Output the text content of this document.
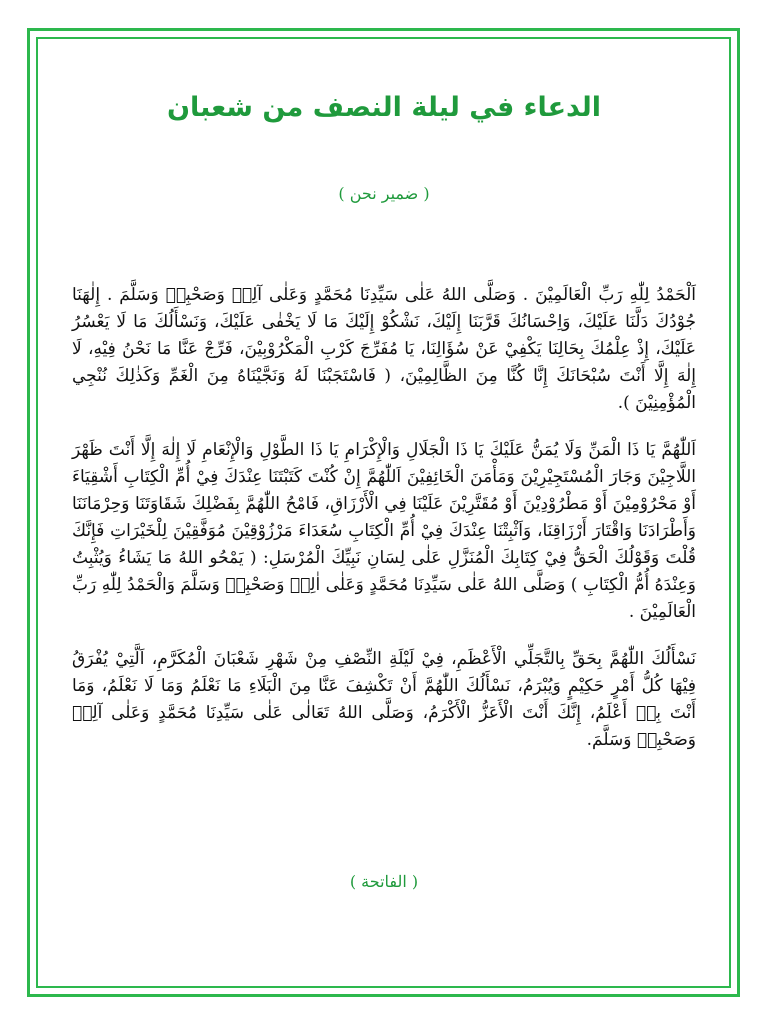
الدعاء في ليلة النصف من شعبان
( ضمير نحن )

اَلْحَمْدُ لِلّٰهِ رَبِّ الْعَالَمِيْنَ . وَصَلَّى اللهُ عَلٰى سَيِّدِنَا مُحَمَّدٍ وَعَلٰى آلِهٖ وَصَحْبِهٖ وَسَلَّمَ . إِلٰهَنَا جُوْدُكَ دَلَّنَا عَلَيْكَ، وَاِحْسَانُكَ قَرَّبَنَا إِلَيْكَ، نَشْكُوْ إِلَيْكَ مَا لَا يَخْفٰى عَلَيْكَ، وَنَسْأَلُكَ مَا لَا يَعْسُرُ عَلَيْكَ، إِذْ عِلْمُكَ بِحَالِنَا يَكْفِيْ عَنْ سُؤَالِنَا، يَا مُفَرِّجَ كَرْبِ الْمَكْرُوْبِيْنَ، فَرِّجْ عَنَّا مَا نَحْنُ فِيْهِ، لَا إِلٰهَ إِلَّا أَنْتَ سُبْحَانَكَ إِنَّا كُنَّا مِنَ الظَّالِمِيْنَ، ( فَاسْتَجَبْنَا لَهُ وَنَجَّيْنَاهُ مِنَ الْغَمِّ وَكَذٰلِكَ نُنْجِي الْمُؤْمِنِيْنَ ).

اَللّٰهُمَّ يَا ذَا الْمَنِّ وَلَا يُمَنُّ عَلَيْكَ يَا ذَا الْجَلَالِ وَالْإِكْرَامِ يَا ذَا الطَّوْلِ وَالْإِنْعَامِ لَا إِلٰهَ إِلَّا أَنْتَ ظَهْرَ اللَّاجِيْنَ وَجَارَ الْمُسْتَجِيْرِيْنَ وَمَأْمَنَ الْخَائِفِيْنَ اَللّٰهُمَّ إِنْ كُنْتَ كَتَبْتَنَا عِنْدَكَ فِيْ أُمِّ الْكِتَابِ أَشْقِيَاءَ أَوْ مَحْرُوْمِيْنَ أَوْ مَطْرُوْدِيْنَ أَوْ مُقَتَّرِيْنَ عَلَيْنَا فِي الْأَرْزَاقِ، فَامْحُ اللّٰهُمَّ بِفَضْلِكَ شَقَاوَتَنَا وَحِرْمَانَنَا وَأَطْرَادَنَا وَاقْتَارَ أَرْزَاقِنَا، وَاَثْبِتْنَا عِنْدَكَ فِيْ أُمِّ الْكِتَابِ سُعَدَاءَ مَرْزُوْقِيْنَ مُوَفَّقِيْنَ لِلْخَيْرَاتِ فَإِنَّكَ قُلْتَ وَقَوْلُكَ الْحَقُّ فِيْ كِتَابِكَ الْمُنَزَّلِ عَلٰى لِسَانِ نَبِيِّكَ الْمُرْسَلِ: ( يَمْحُو اللهُ مَا يَشَاءُ وَيُثْبِتُ وَعِنْدَهُ أُمُّ الْكِتَابِ ) وَصَلَّى اللهُ عَلٰى سَيِّدِنَا مُحَمَّدٍ وَعَلٰى اٰلِهٖ وَصَحْبِهٖ وَسَلَّمَ وَالْحَمْدُ لِلّٰهِ رَبِّ الْعَالَمِيْنَ .

نَسْأَلُكَ اللّٰهُمَّ بِحَقِّ بِالتَّجَلِّي الْأَعْظَمِ، فِيْ لَيْلَةِ النِّصْفِ مِنْ شَهْرِ شَعْبَانَ الْمُكَرَّمِ، اَلَّتِيْ يُفْرَقُ فِيْهَا كُلُّ أَمْرٍ حَكِيْمٍ وَيُبْرَمُ، نَسْأَلُكَ اللّٰهُمَّ أَنْ تَكْشِفَ عَنَّا مِنَ الْبَلَاءِ مَا نَعْلَمُ وَمَا لَا نَعْلَمُ، وَمَا أَنْتَ بِهٖ أَعْلَمُ، إِنَّكَ أَنْتَ الْأَعَزُّ الْأَكْرَمُ، وَصَلَّى اللهُ تَعَالٰى عَلٰى سَيِّدِنَا مُحَمَّدٍ وَعَلٰى آلِهٖ وَصَحْبِهٖ وَسَلَّمَ.

( الفاتحة )
